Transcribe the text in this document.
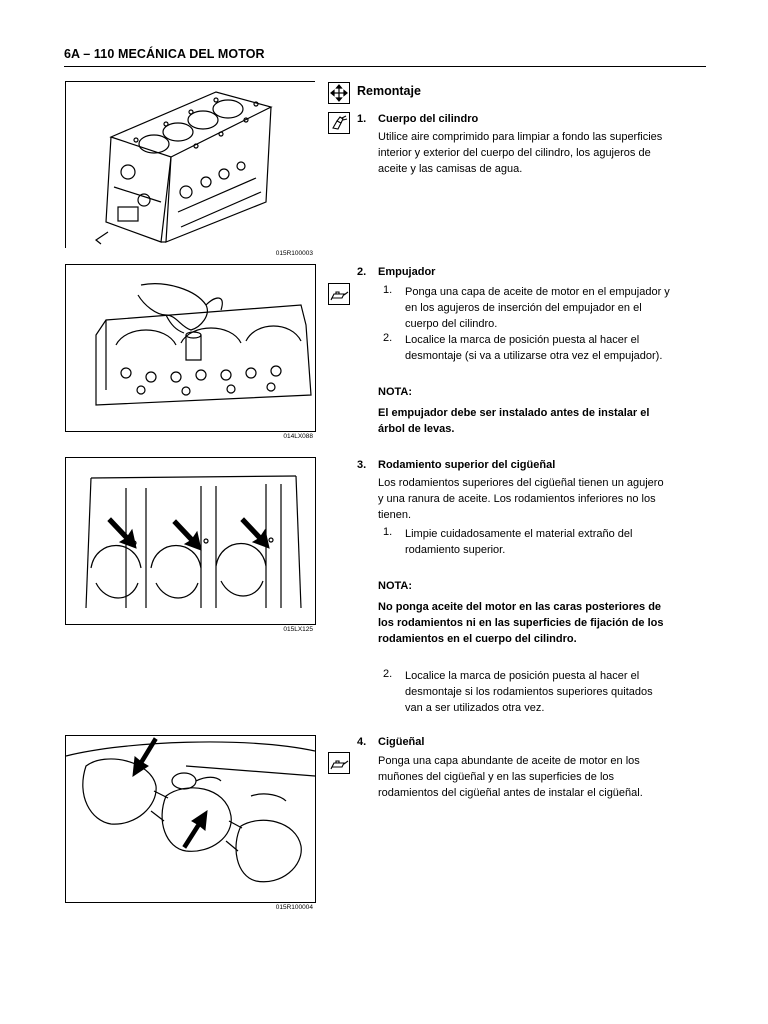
6A – 110 MECÁNICA DEL MOTOR
015R100003
014LX088
015LX125
015R100004
Remontaje
1. Cuerpo del cilindro
Utilice aire comprimido para limpiar a fondo las superficies
interior y exterior del cuerpo del cilindro, los agujeros de
aceite y las camisas de agua.
2. Empujador
1. Ponga una capa de aceite de motor en el empujador y
en los agujeros de inserción del empujador en el
cuerpo del cilindro.
2. Localice la marca de posición puesta al hacer el
desmontaje (si va a utilizarse otra vez el empujador).
NOTA:
El empujador debe ser instalado antes de instalar el
árbol de levas.
3. Rodamiento superior del cigüeñal
Los rodamientos superiores del cigüeñal tienen un agujero
y una ranura de aceite. Los rodamientos inferiores no los
tienen.
1. Limpie cuidadosamente el material extraño del
rodamiento superior.
NOTA:
No ponga aceite del motor en las caras posteriores de
los rodamientos ni en las superficies de fijación de los
rodamientos en el cuerpo del cilindro.
2. Localice la marca de posición puesta al hacer el
desmontaje si los rodamientos superiores quitados
van a ser utilizados otra vez.
4. Cigüeñal
Ponga una capa abundante de aceite de motor en los
muñones del cigüeñal y en las superficies de los
rodamientos del cigüeñal antes de instalar el cigüeñal.
